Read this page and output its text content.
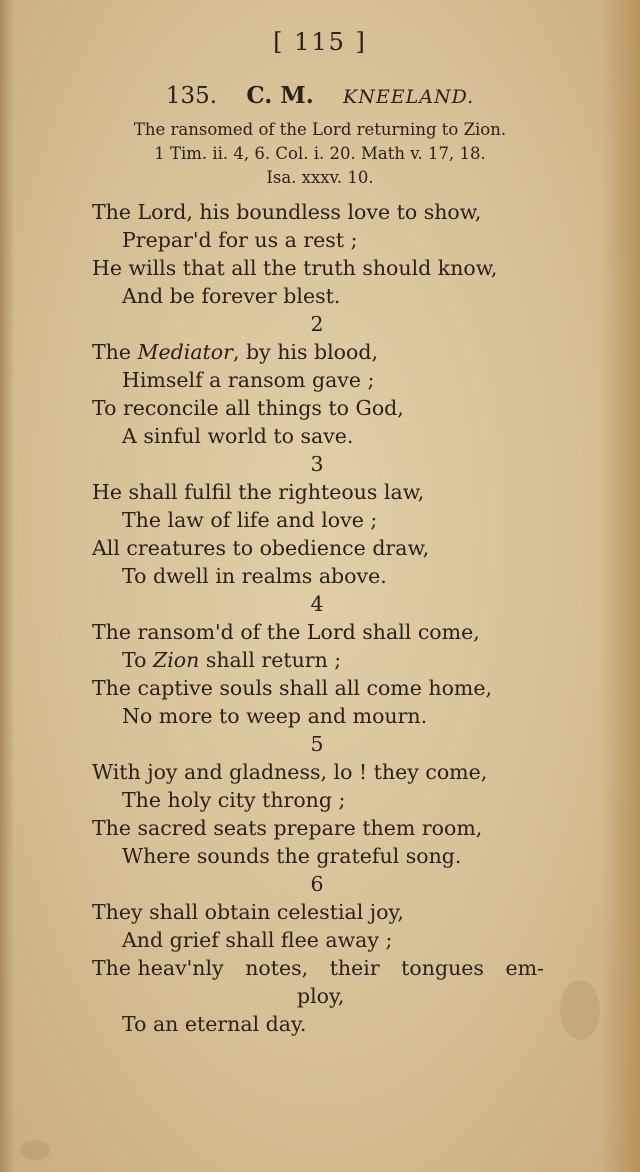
[ 115 ]
135. C. M. KNEELAND.
The ransomed of the Lord returning to Zion.
1 Tim. ii. 4, 6. Col. i. 20. Math v. 17, 18.
Isa. xxxv. 10.
The Lord, his boundless love to show,
Prepar'd for us a rest ;
He wills that all the truth should know,
And be forever blest.
2
The Mediator, by his blood,
Himself a ransom gave ;
To reconcile all things to God,
A sinful world to save.
3
He shall fulfil the righteous law,
The law of life and love ;
All creatures to obedience draw,
To dwell in realms above.
4
The ransom'd of the Lord shall come,
To Zion shall return ;
The captive souls shall all come home,
No more to weep and mourn.
5
With joy and gladness, lo ! they come,
The holy city throng ;
The sacred seats prepare them room,
Where sounds the grateful song.
6
They shall obtain celestial joy,
And grief shall flee away ;
The heav'nly notes, their tongues em-
ploy,
To an eternal day.
